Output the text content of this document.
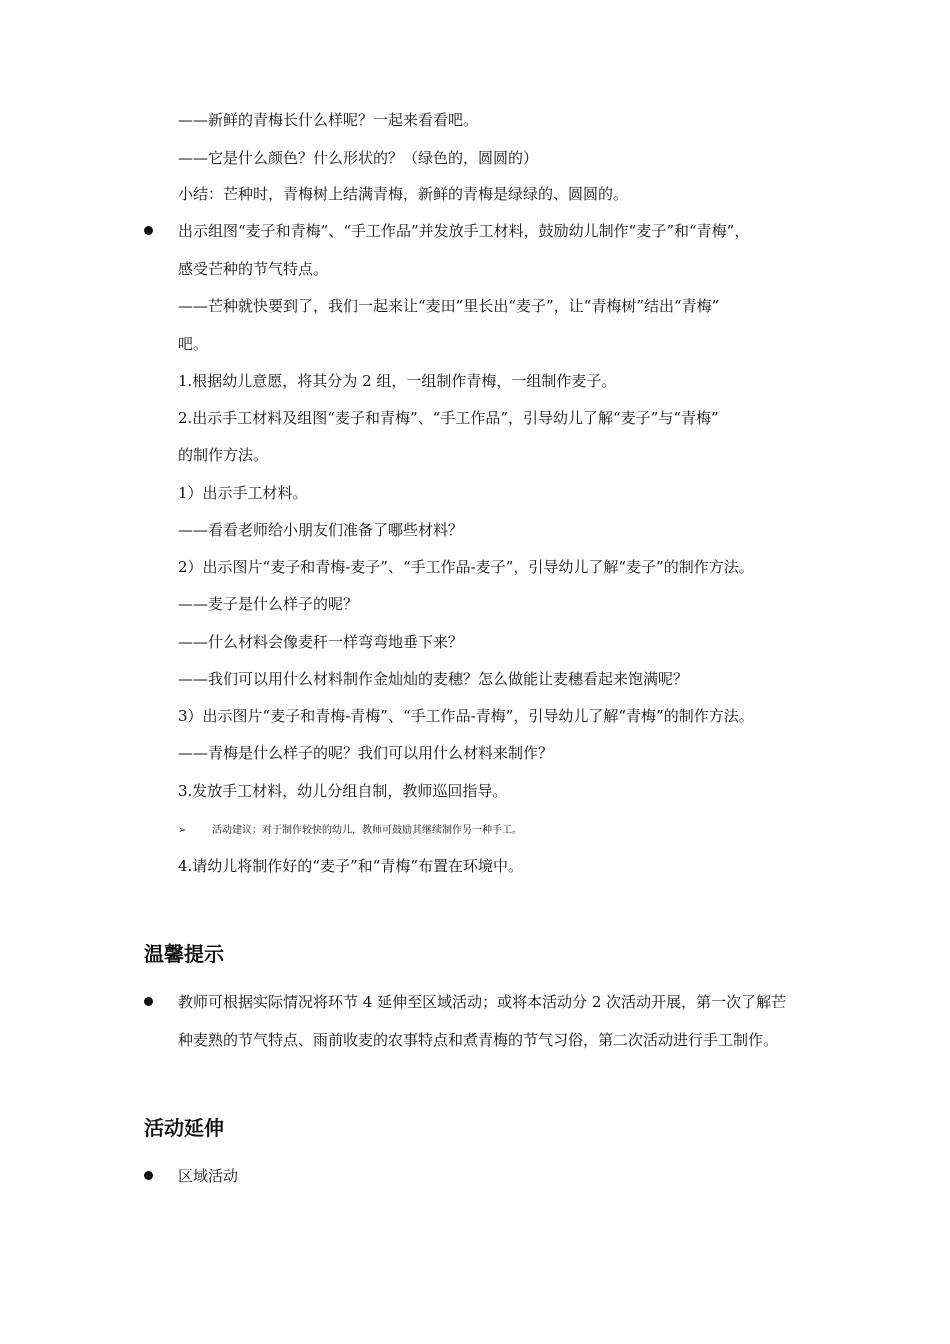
——新鲜的青梅长什么样呢？一起来看看吧。
——它是什么颜色？什么形状的？（绿色的，圆圆的）
小结：芒种时，青梅树上结满青梅，新鲜的青梅是绿绿的、圆圆的。
出示组图“麦子和青梅”、“手工作品”并发放手工材料，鼓励幼儿制作“麦子”和“青梅”，
感受芒种的节气特点。
——芒种就快要到了，我们一起来让“麦田”里长出“麦子”，让“青梅树”结出“青梅”
吧。
1.根据幼儿意愿，将其分为 2 组，一组制作青梅，一组制作麦子。
2.出示手工材料及组图“麦子和青梅”、“手工作品”，引导幼儿了解“麦子”与“青梅”
的制作方法。
1）出示手工材料。
——看看老师给小朋友们准备了哪些材料？
2）出示图片“麦子和青梅-麦子”、“手工作品-麦子”，引导幼儿了解“麦子”的制作方法。
——麦子是什么样子的呢？
——什么材料会像麦秆一样弯弯地垂下来？
——我们可以用什么材料制作金灿灿的麦穗？怎么做能让麦穗看起来饱满呢？
3）出示图片“麦子和青梅-青梅”、“手工作品-青梅”，引导幼儿了解“青梅”的制作方法。
——青梅是什么样子的呢？我们可以用什么材料来制作？
3.发放手工材料，幼儿分组自制，教师巡回指导。
➢	活动建议：对于制作较快的幼儿，教师可鼓励其继续制作另一种手工。
4.请幼儿将制作好的“麦子”和“青梅”布置在环境中。
温馨提示
教师可根据实际情况将环节 4 延伸至区域活动；或将本活动分 2 次活动开展，第一次了解芒
种麦熟的节气特点、雨前收麦的农事特点和煮青梅的节气习俗，第二次活动进行手工制作。
活动延伸
区域活动
